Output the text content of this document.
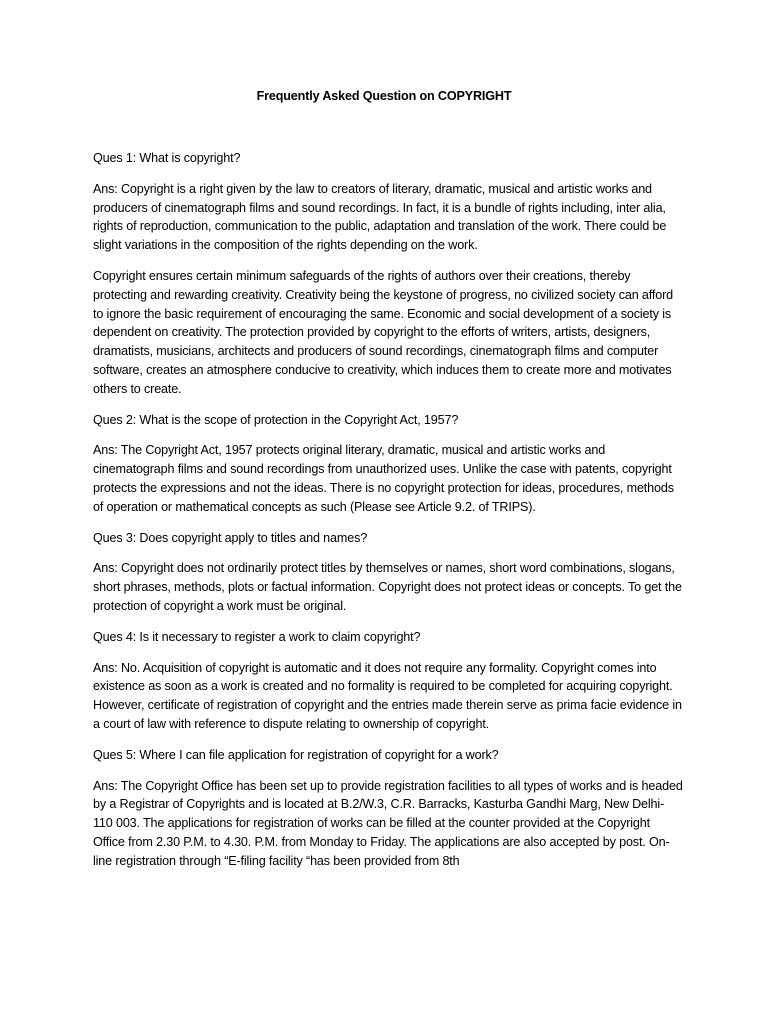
Frequently Asked Question on COPYRIGHT

Ques 1: What is copyright?

Ans: Copyright is a right given by the law to creators of literary, dramatic, musical and artistic works and producers of cinematograph films and sound recordings. In fact, it is a bundle of rights including, inter alia, rights of reproduction, communication to the public, adaptation and translation of the work. There could be slight variations in the composition of the rights depending on the work.

Copyright ensures certain minimum safeguards of the rights of authors over their creations, thereby protecting and rewarding creativity. Creativity being the keystone of progress, no civilized society can afford to ignore the basic requirement of encouraging the same. Economic and social development of a society is dependent on creativity. The protection provided by copyright to the efforts of writers, artists, designers, dramatists, musicians, architects and producers of sound recordings, cinematograph films and computer software, creates an atmosphere conducive to creativity, which induces them to create more and motivates others to create.

Ques 2: What is the scope of protection in the Copyright Act, 1957?

Ans: The Copyright Act, 1957 protects original literary, dramatic, musical and artistic works and cinematograph films and sound recordings from unauthorized uses. Unlike the case with patents, copyright protects the expressions and not the ideas. There is no copyright protection for ideas, procedures, methods of operation or mathematical concepts as such (Please see Article 9.2. of TRIPS).

Ques 3: Does copyright apply to titles and names?

Ans: Copyright does not ordinarily protect titles by themselves or names, short word combinations, slogans, short phrases, methods, plots or factual information. Copyright does not protect ideas or concepts. To get the protection of copyright a work must be original.

Ques 4: Is it necessary to register a work to claim copyright?

Ans: No. Acquisition of copyright is automatic and it does not require any formality. Copyright comes into existence as soon as a work is created and no formality is required to be completed for acquiring copyright. However, certificate of registration of copyright and the entries made therein serve as prima facie evidence in a court of law with reference to dispute relating to ownership of copyright.

Ques 5: Where I can file application for registration of copyright for a work?

Ans: The Copyright Office has been set up to provide registration facilities to all types of works and is headed by a Registrar of Copyrights and is located at B.2/W.3, C.R. Barracks, Kasturba Gandhi Marg, New Delhi- 110 003. The applications for registration of works can be filled at the counter provided at the Copyright Office from 2.30 P.M. to 4.30. P.M. from Monday to Friday. The applications are also accepted by post. On-line registration through “E-filing facility “has been provided from 8th
